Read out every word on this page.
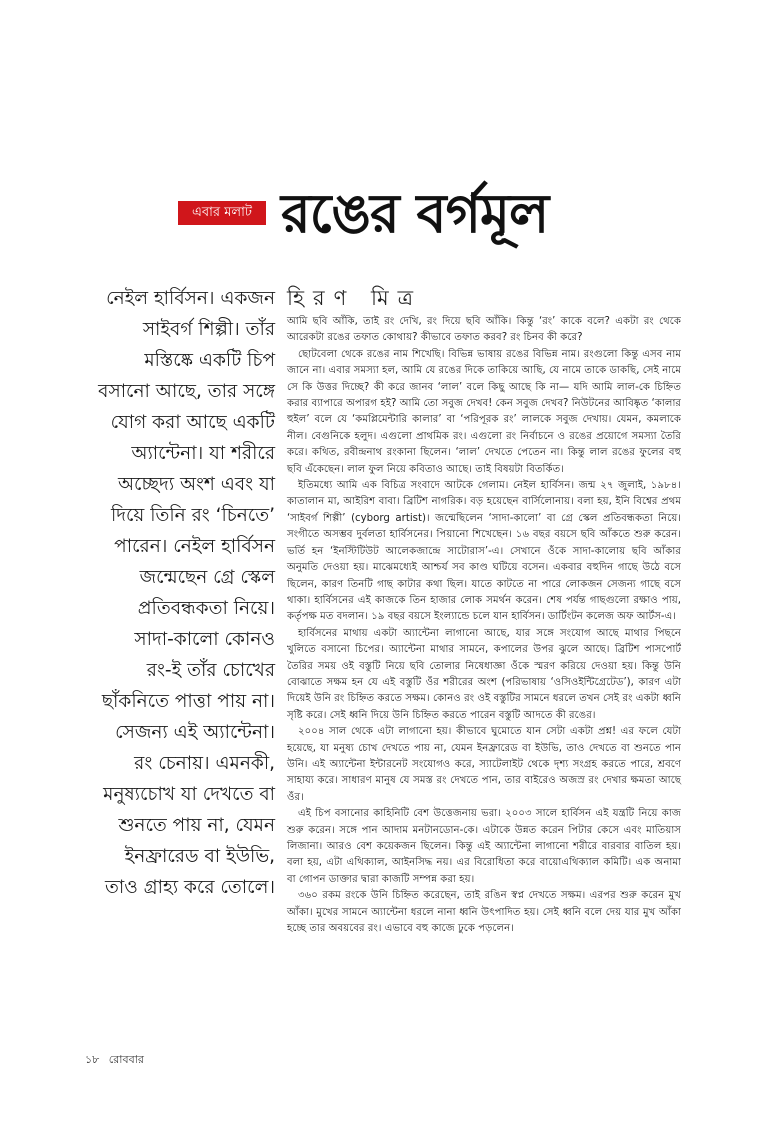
এবার মলাট রঙের বর্গমূল
হিরণ মিত্র
নেইল হার্বিসন। একজন
সাইবর্গ শিল্পী। তাঁর
মস্তিষ্কে একটি চিপ
বসানো আছে, তার সঙ্গে
যোগ করা আছে একটি
অ্যান্টেনা। যা শরীরে
অচ্ছেদ্য অংশ এবং যা
দিয়ে তিনি রং ‘চিনতে’
পারেন। নেইল হার্বিসন
জন্মেছেন গ্রে স্কেল
প্রতিবন্ধকতা নিয়ে।
সাদা-কালো কোনও
রং-ই তাঁর চোখের
ছাঁকনিতে পাত্তা পায় না।
সেজন্য এই অ্যান্টেনা।
রং চেনায়। এমনকী,
মনুষ্যচোখ যা দেখতে বা
শুনতে পায় না, যেমন
ইনফ্রারেড বা ইউভি,
তাও গ্রাহ্য করে তোলে।

আমি ছবি আঁকি, তাই রং দেখি, রং দিয়ে ছবি আঁকি। কিন্তু ‘রং’ কাকে বলে? একটা রং থেকে আরেকটা রঙের তফাত কোথায়? কীভাবে তফাত করব? রং চিনব কী করে?

ছোটবেলা থেকে রঙের নাম শিখেছি। বিভিন্ন ভাষায় রঙের বিভিন্ন নাম। রংগুলো কিন্তু এসব নাম জানে না। এবার সমস্যা হল, আমি যে রঙের দিকে তাকিয়ে আছি, যে নামে তাকে ডাকছি, সেই নামে সে কি উত্তর দিচ্ছে? কী করে জানব ‘লাল’ বলে কিছু আছে কি না— যদি আমি লাল-কে চিহ্নিত করার ব্যাপারে অপারগ হই? আমি তো সবুজ দেখব! কেন সবুজ দেখব? নিউটনের আবিষ্কৃত ‘কালার হুইল’ বলে যে ‘কমপ্লিমেন্টারি কালার’ বা ‘পরিপূরক রং’ লালকে সবুজ দেখায়। যেমন, কমলাকে নীল। বেগুনিকে হলুদ। এগুলো প্রাথমিক রং। এগুলো রং নির্বাচনে ও রঙের প্রয়োগে সমস্যা তৈরি করে। কথিত, রবীন্দ্রনাথ রংকানা ছিলেন। ‘লাল’ দেখতে পেতেন না। কিন্তু লাল রঙের ফুলের বহু ছবি এঁকেছেন। লাল ফুল নিয়ে কবিতাও আছে। তাই বিষয়টা বিতর্কিত।

ইতিমধ্যে আমি এক বিচিত্র সংবাদে আটকে গেলাম। নেইল হার্বিসন। জন্ম ২৭ জুলাই, ১৯৮৪। কাতালান মা, আইরিশ বাবা। ব্রিটিশ নাগরিক। বড় হয়েছেন বার্সিলোনায়। বলা হয়, ইনি বিশ্বের প্রথম ‘সাইবর্গ শিল্পী’ (cyborg artist)। জন্মেছিলেন ‘সাদা-কালো’ বা গ্রে স্কেল প্রতিবন্ধকতা নিয়ে। সংগীতে অসম্ভব দুর্বলতা হার্বিসনের। পিয়ানো শিখেছেন। ১৬ বছর বয়সে ছবি আঁকতে শুরু করেন। ভর্তি হন ‘ইনস্টিটিউট আলেকজান্দ্রে সাটোরাস’-এ। সেখানে ওঁকে সাদা-কালোয় ছবি আঁকার অনুমতি দেওয়া হয়। মাঝেমধ্যেই আশ্চর্য সব কাণ্ড ঘটিয়ে বসেন। একবার বহুদিন গাছে উঠে বসে ছিলেন, কারণ তিনটি গাছ কাটার কথা ছিল। যাতে কাটতে না পারে লোকজন সেজন্য গাছে বসে থাকা। হার্বিসনের এই কাজকে তিন হাজার লোক সমর্থন করেন। শেষ পর্যন্ত গাছগুলো রক্ষাও পায়, কর্তৃপক্ষ মত বদলান। ১৯ বছর বয়সে ইংল্যান্ডে চলে যান হার্বিসন। ডার্টিংটন কলেজ অফ আর্টস-এ।

হার্বিসনের মাথায় একটা অ্যান্টেনা লাগানো আছে, যার সঙ্গে সংযোগ আছে মাথার পিছনে খুলিতে বসানো চিপের। অ্যান্টেনা মাথার সামনে, কপালের উপর ঝুলে আছে। ব্রিটিশ পাসপোর্ট তৈরির সময় ওই বস্তুটি নিয়ে ছবি তোলার নিষেধাজ্ঞা ওঁকে স্মরণ করিয়ে দেওয়া হয়। কিন্তু উনি বোঝাতে সক্ষম হন যে এই বস্তুটি ওঁর শরীরের অংশ (পরিভাষায় ‘ওসিওইন্টিগ্রেটেড’), কারণ এটা দিয়েই উনি রং চিহ্নিত করতে সক্ষম। কোনও রং ওই বস্তুটির সামনে ধরলে তখন সেই রং একটা ধ্বনি সৃষ্টি করে। সেই ধ্বনি দিয়ে উনি চিহ্নিত করতে পারেন বস্তুটি আদতে কী রঙের।

২০০৪ সাল থেকে এটা লাগানো হয়। কীভাবে ঘুমোতে যান সেটা একটা প্রশ্ন! এর ফলে যেটা হয়েছে, যা মনুষ্য চোখ দেখতে পায় না, যেমন ইনফ্রারেড বা ইউভি, তাও দেখতে বা শুনতে পান উনি। এই অ্যান্টেনা ইন্টারনেট সংযোগও করে, স্যাটেলাইট থেকে দৃশ্য সংগ্রহ করতে পারে, শ্রবণে সাহায্য করে। সাধারণ মানুষ যে সমস্ত রং দেখতে পান, তার বাইরেও অজস্র রং দেখার ক্ষমতা আছে ওঁর।

এই চিপ বসানোর কাহিনিটি বেশ উত্তেজনায় ভরা। ২০০৩ সালে হার্বিসন এই যন্ত্রটি নিয়ে কাজ শুরু করেন। সঙ্গে পান আদাম মনটানডোন-কে। এটাকে উন্নত করেন পিটার কেসে এবং মাতিয়াস লিজানা। আরও বেশ কয়েকজন ছিলেন। কিন্তু এই অ্যান্টেনা লাগানো শরীরে বারবার বাতিল হয়। বলা হয়, এটা এথিক্যাল, আইনসিদ্ধ নয়। এর বিরোধিতা করে বায়োএথিক্যাল কমিটি। এক অনামা বা গোপন ডাক্তার দ্বারা কাজটি সম্পন্ন করা হয়।

৩৬০ রকম রংকে উনি চিহ্নিত করেছেন, তাই রঙিন স্বপ্ন দেখতে সক্ষম। এরপর শুরু করেন মুখ আঁকা। মুখের সামনে অ্যান্টেনা ধরলে নানা ধ্বনি উৎপাদিত হয়। সেই ধ্বনি বলে দেয় যার মুখ আঁকা হচ্ছে তার অবয়বের রং। এভাবে বহু কাজে ঢুকে পড়লেন।

১৮ রোববার
